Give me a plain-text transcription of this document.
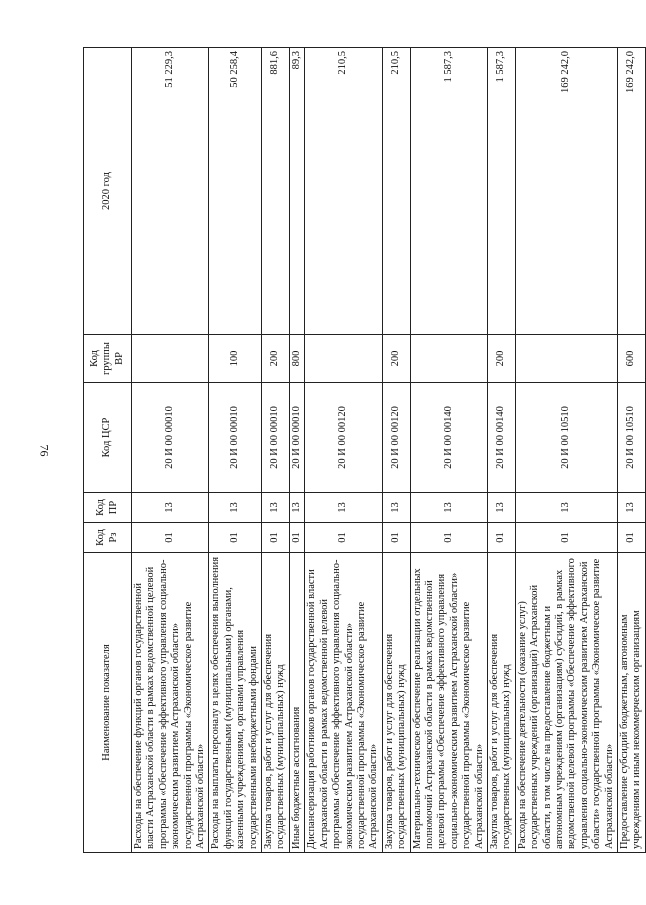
76
Наименование показателя	Код Рз	Код ПР	Код ЦСР	Код группы ВР	2020 год
Расходы на обеспечение функций органов государственной власти Астраханской области в рамках ведомственной целевой программы «Обеспечение эффективного управления социально-экономическим развитием Астраханской области» государственной программы «Экономическое развитие Астраханской области»	01	13	20 И 00 00010		51 229,3
Расходы на выплаты персоналу в целях обеспечения выполнения функций государственными (муниципальными) органами, казенными учреждениями, органами управления государственными внебюджетными фондами	01	13	20 И 00 00010	100	50 258,4
Закупка товаров, работ и услуг для обеспечения государственных (муниципальных) нужд	01	13	20 И 00 00010	200	881,6
Иные бюджетные ассигнования	01	13	20 И 00 00010	800	89,3
Диспансеризация работников органов государственной власти Астраханской области в рамках ведомственной целевой программы «Обеспечение эффективного управления социально-экономическим развитием Астраханской области» государственной программы «Экономическое развитие Астраханской области»	01	13	20 И 00 00120		210,5
Закупка товаров, работ и услуг для обеспечения государственных (муниципальных) нужд	01	13	20 И 00 00120	200	210,5
Материально-техническое обеспечение реализации отдельных полномочий Астраханской области в рамках ведомственной целевой программы «Обеспечение эффективного управления социально-экономическим развитием Астраханской области» государственной программы «Экономическое развитие Астраханской области»	01	13	20 И 00 00140		1 587,3
Закупка товаров, работ и услуг для обеспечения государственных (муниципальных) нужд	01	13	20 И 00 00140	200	1 587,3
Расходы на обеспечение деятельности (оказание услуг) государственных учреждений (организаций) Астраханской области, в том числе на предоставление бюджетным и автономным учреждениям (организациям) субсидий, в рамках ведомственной целевой программы «Обеспечение эффективного управления социально-экономическим развитием Астраханской области» государственной программы «Экономическое развитие Астраханской области»	01	13	20 И 00 10510		169 242,0
Предоставление субсидий бюджетным, автономным учреждениям и иным некоммерческим организациям	01	13	20 И 00 10510	600	169 242,0
